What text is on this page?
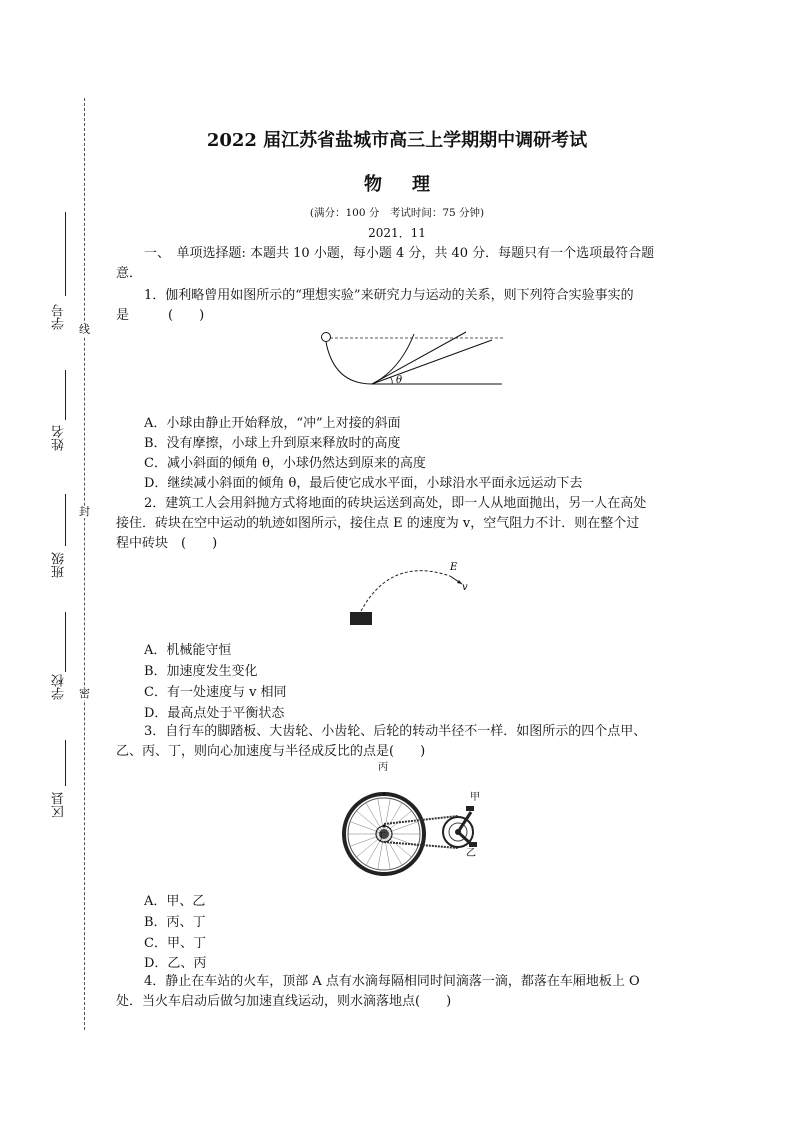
线
封
密
学号
姓名
班级
学校
区县
2022 届江苏省盐城市高三上学期期中调研考试
物理
(满分：100 分　考试时间：75 分钟)
2021．11
一、　单项选择题: 本题共 10 小题，每小题 4 分，共 40 分．每题只有一个选项最符合题
意．
1．伽利略曾用如图所示的“理想实验”来研究力与运动的关系，则下列符合实验事实的
是　　　(　　)
θ
A．小球由静止开始释放，“冲”上对接的斜面
B．没有摩擦，小球上升到原来释放时的高度
C．减小斜面的倾角 θ，小球仍然达到原来的高度
D．继续减小斜面的倾角 θ，最后使它成水平面，小球沿水平面永远运动下去
2．建筑工人会用斜抛方式将地面的砖块运送到高处，即一人从地面抛出，另一人在高处
接住．砖块在空中运动的轨迹如图所示，接住点 E 的速度为 v，空气阻力不计．则在整个过
程中砖块　(　　)
E
v
A．机械能守恒
B．加速度发生变化
C．有一处速度与 v 相同
D．最高点处于平衡状态
3．自行车的脚踏板、大齿轮、小齿轮、后轮的转动半径不一样．如图所示的四个点甲、
乙、丙、丁，则向心加速度与半径成反比的点是(　　)
丙
甲
丁
乙
A．甲、乙
B．丙、丁
C．甲、丁
D．乙、丙
4．静止在车站的火车，顶部 A 点有水滴每隔相同时间滴落一滴，都落在车厢地板上 O
处．当火车启动后做匀加速直线运动，则水滴落地点(　　)
